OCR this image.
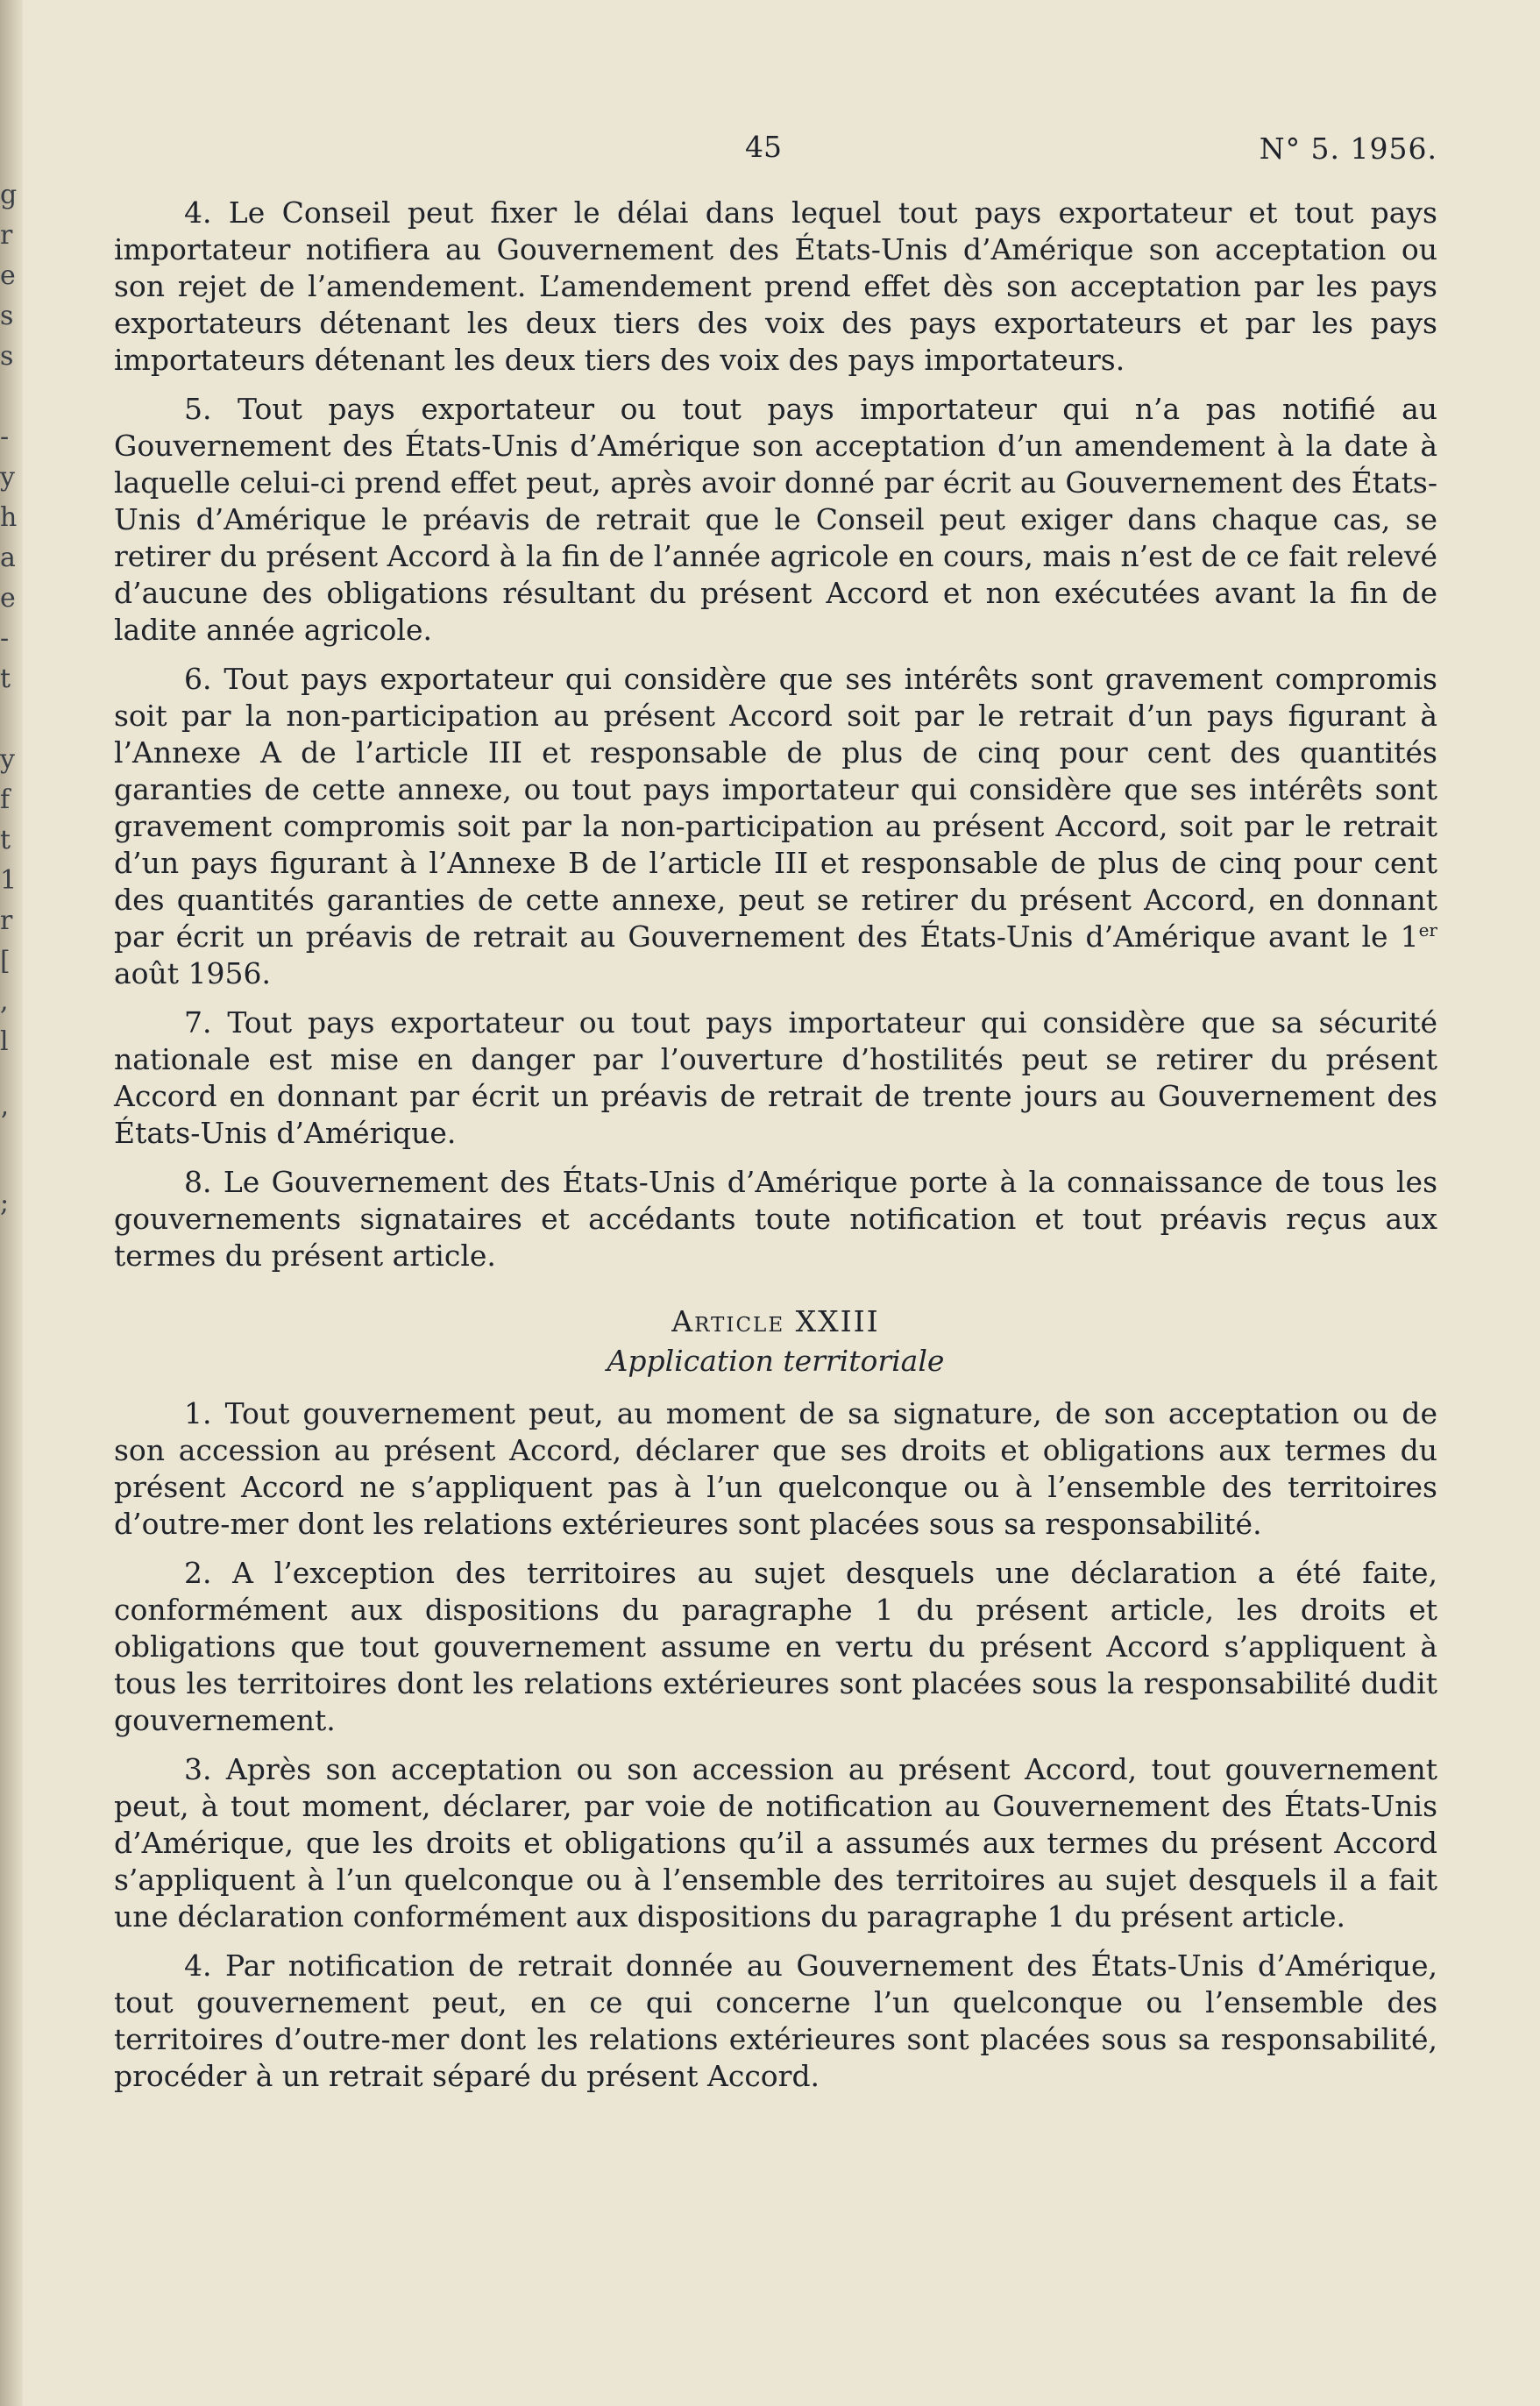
g
r
e
s
s
-
y
h
a
e
-
t
y
f
t
1
r
[
,
l
’
;
45	N° 5. 1956.

4. Le Conseil peut fixer le délai dans lequel tout pays exportateur et tout pays importateur notifiera au Gouvernement des États-Unis d’Amérique son acceptation ou son rejet de l’amendement. L’amendement prend effet dès son acceptation par les pays exportateurs détenant les deux tiers des voix des pays exportateurs et par les pays importateurs détenant les deux tiers des voix des pays importateurs.

5. Tout pays exportateur ou tout pays importateur qui n’a pas notifié au Gouvernement des États-Unis d’Amérique son acceptation d’un amendement à la date à laquelle celui-ci prend effet peut, après avoir donné par écrit au Gouvernement des États-Unis d’Amérique le préavis de retrait que le Conseil peut exiger dans chaque cas, se retirer du présent Accord à la fin de l’année agricole en cours, mais n’est de ce fait relevé d’aucune des obligations résultant du présent Accord et non exécutées avant la fin de ladite année agricole.

6. Tout pays exportateur qui considère que ses intérêts sont gravement compromis soit par la non-participation au présent Accord soit par le retrait d’un pays figurant à l’Annexe A de l’article III et responsable de plus de cinq pour cent des quantités garanties de cette annexe, ou tout pays importateur qui considère que ses intérêts sont gravement compromis soit par la non-participation au présent Accord, soit par le retrait d’un pays figurant à l’Annexe B de l’article III et responsable de plus de cinq pour cent des quantités garanties de cette annexe, peut se retirer du présent Accord, en donnant par écrit un préavis de retrait au Gouvernement des États-Unis d’Amérique avant le 1er août 1956.

7. Tout pays exportateur ou tout pays importateur qui considère que sa sécurité nationale est mise en danger par l’ouverture d’hostilités peut se retirer du présent Accord en donnant par écrit un préavis de retrait de trente jours au Gouvernement des États-Unis d’Amérique.

8. Le Gouvernement des États-Unis d’Amérique porte à la connaissance de tous les gouvernements signataires et accédants toute notification et tout préavis reçus aux termes du présent article.

Article XXIII
Application territoriale

1. Tout gouvernement peut, au moment de sa signature, de son acceptation ou de son accession au présent Accord, déclarer que ses droits et obligations aux termes du présent Accord ne s’appliquent pas à l’un quelconque ou à l’ensemble des territoires d’outre-mer dont les relations extérieures sont placées sous sa responsabilité.

2. A l’exception des territoires au sujet desquels une déclaration a été faite, conformément aux dispositions du paragraphe 1 du présent article, les droits et obligations que tout gouvernement assume en vertu du présent Accord s’appliquent à tous les territoires dont les relations extérieures sont placées sous la responsabilité dudit gouvernement.

3. Après son acceptation ou son accession au présent Accord, tout gouvernement peut, à tout moment, déclarer, par voie de notification au Gouvernement des États-Unis d’Amérique, que les droits et obligations qu’il a assumés aux termes du présent Accord s’appliquent à l’un quelconque ou à l’ensemble des territoires au sujet desquels il a fait une déclaration conformément aux dispositions du paragraphe 1 du présent article.

4. Par notification de retrait donnée au Gouvernement des États-Unis d’Amérique, tout gouvernement peut, en ce qui concerne l’un quelconque ou l’ensemble des territoires d’outre-mer dont les relations extérieures sont placées sous sa responsabilité, procéder à un retrait séparé du présent Accord.
